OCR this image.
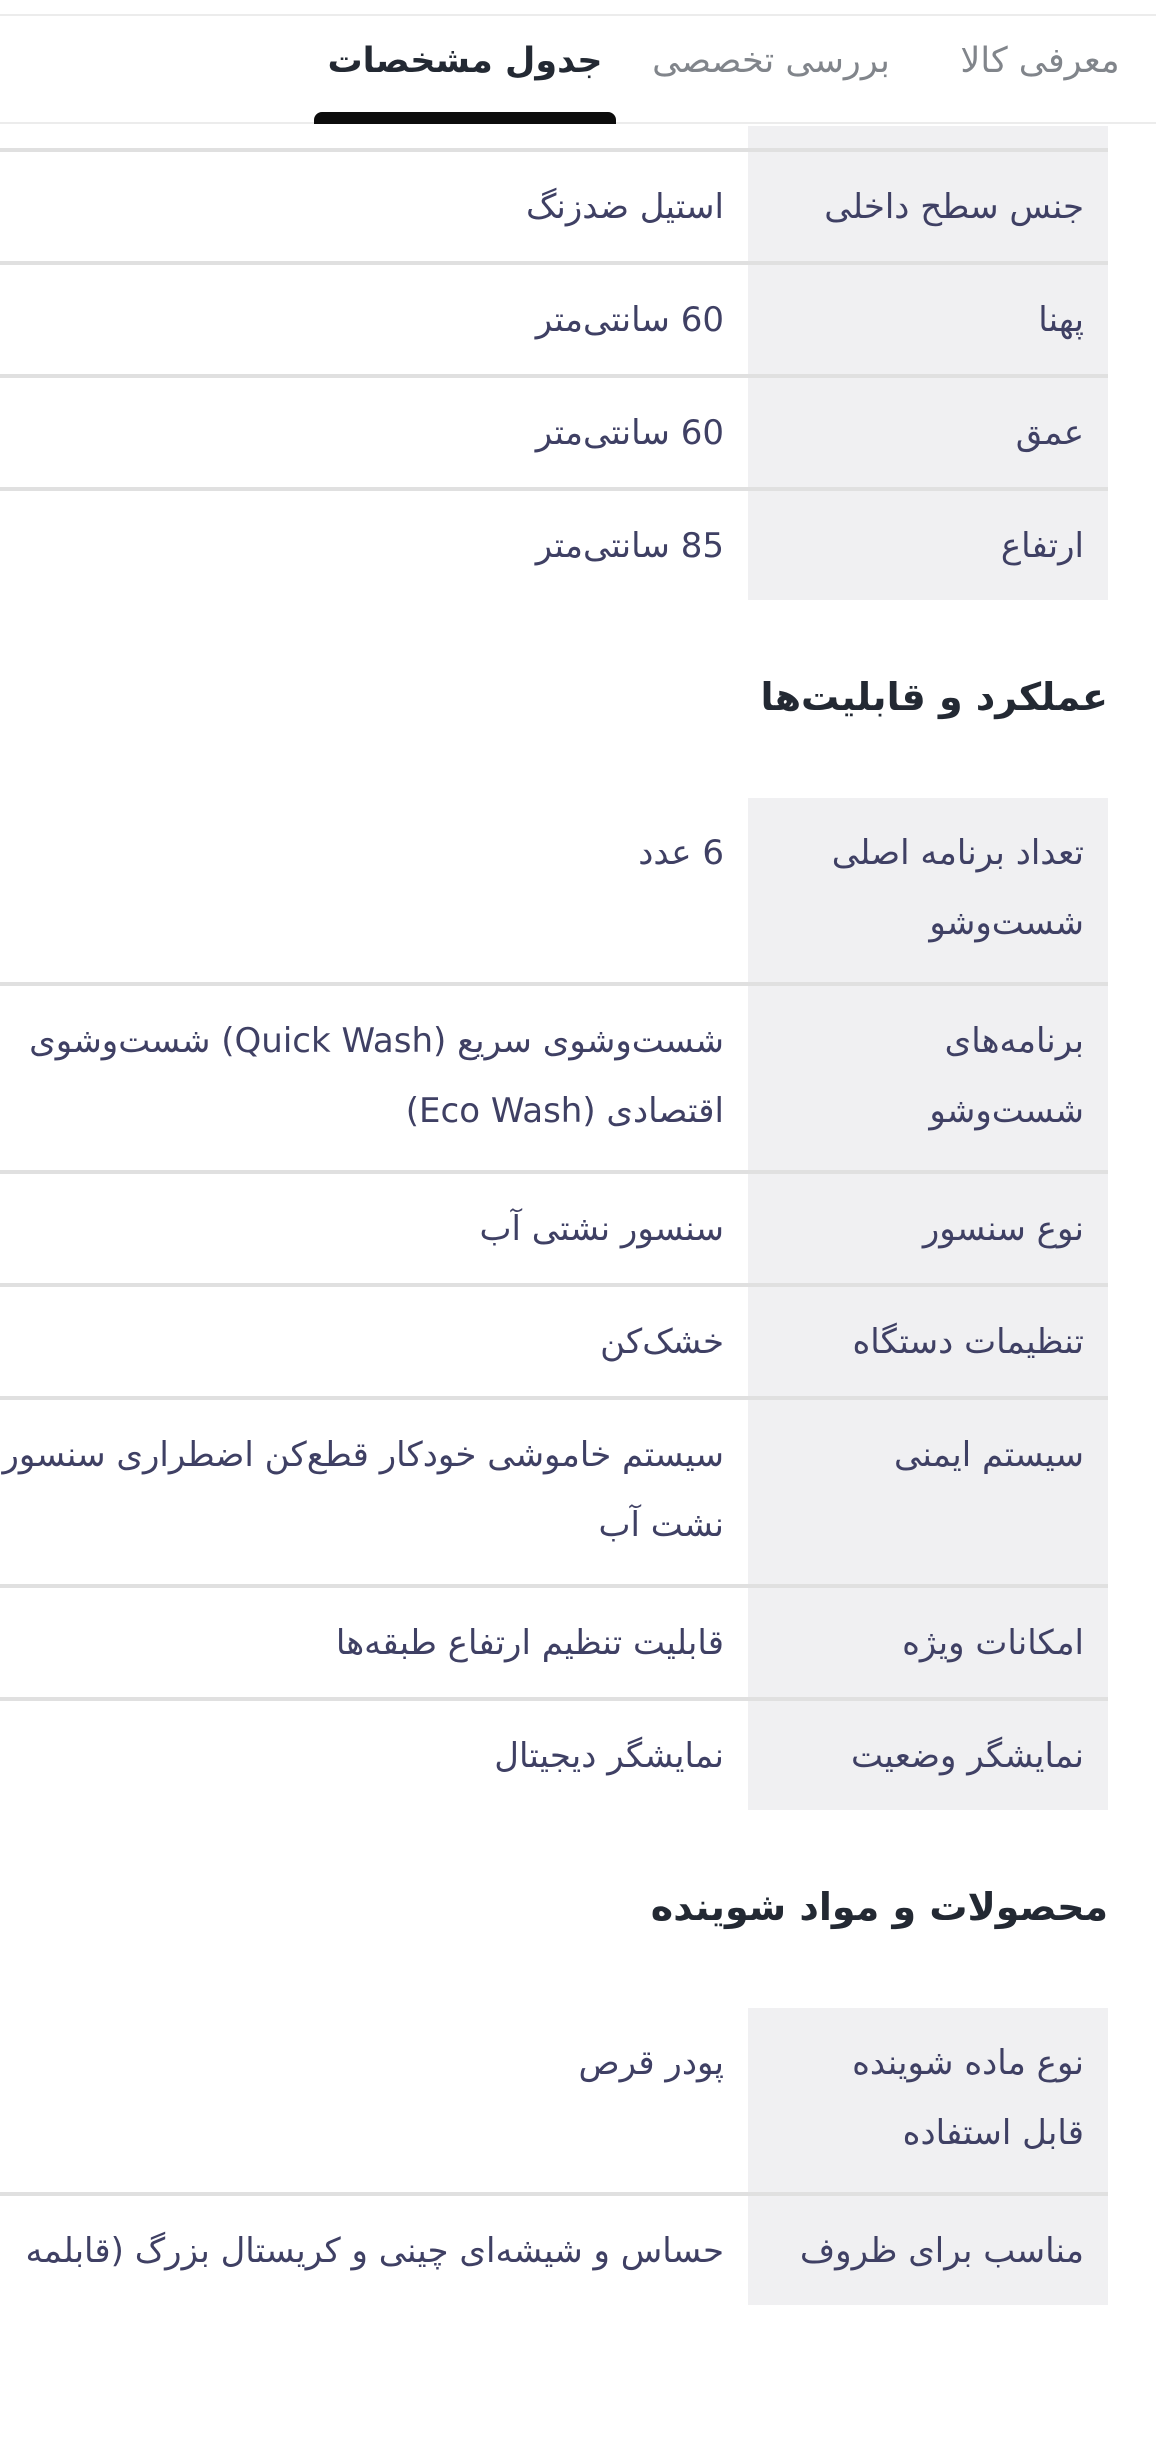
معرفی کالا
بررسی تخصصی
جدول مشخصات
جنس سطح داخلی
استیل ضدزنگ
پهنا
60 سانتی‌متر
عمق
60 سانتی‌متر
ارتفاع
85 سانتی‌متر
عملکرد و قابلیت‌ها
تعداد برنامه اصلی
شست‌وشو
6 عدد
برنامه‌های
شست‌وشو
شست‌وشوی سریع (Quick Wash) شست‌وشوی
اقتصادی (Eco Wash)
نوع سنسور
سنسور نشتی آب
تنظیمات دستگاه
خشک‌کن
سیستم ایمنی
سیستم خاموشی خودکار قطع‌کن اضطراری سنسور
نشت آب
امکانات ویژه
قابلیت تنظیم ارتفاع طبقه‌ها
نمایشگر وضعیت
نمایشگر دیجیتال
محصولات و مواد شوینده
نوع ماده شوینده
قابل استفاده
پودر قرص
مناسب برای ظروف
حساس و شیشه‌ای چینی و کریستال بزرگ (قابلمه
